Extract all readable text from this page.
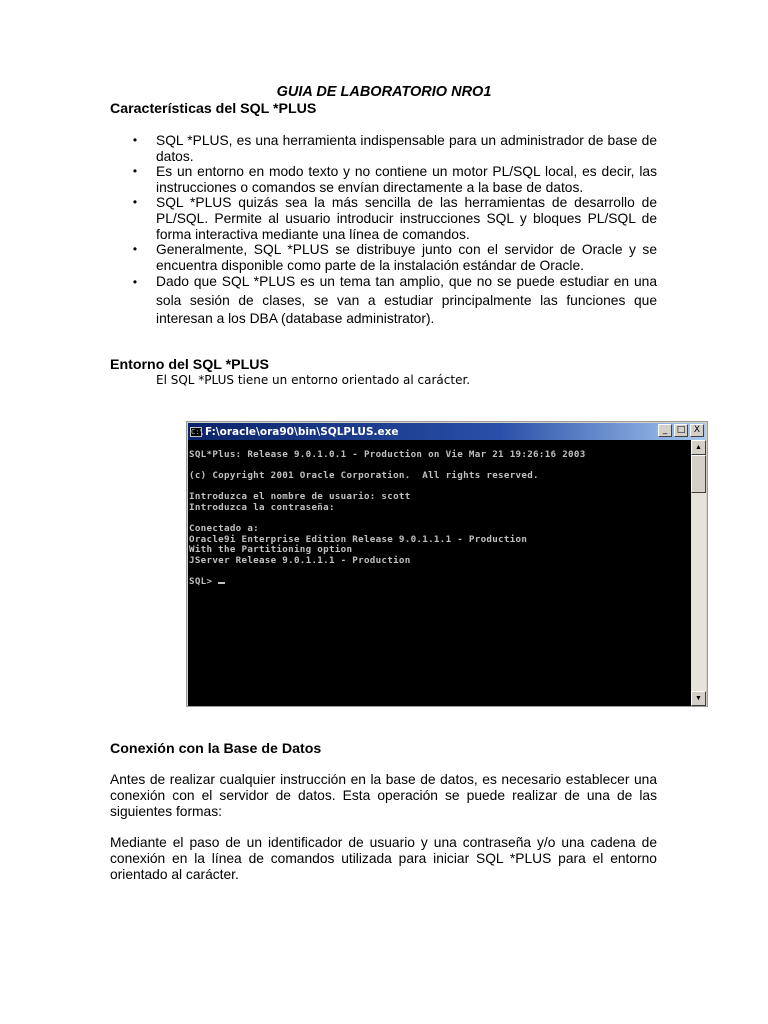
GUIA DE LABORATORIO NRO1
Características del SQL *PLUS
• SQL *PLUS, es una herramienta indispensable para un administrador de base de datos.
• Es un entorno en modo texto y no contiene un motor PL/SQL local, es decir, las instrucciones o comandos se envían directamente a la base de datos.
• SQL *PLUS quizás sea la más sencilla de las herramientas de desarrollo de PL/SQL. Permite al usuario introducir instrucciones SQL y bloques PL/SQL de forma interactiva mediante una línea de comandos.
• Generalmente, SQL *PLUS se distribuye junto con el servidor de Oracle y se encuentra disponible como parte de la instalación estándar de Oracle.
• Dado que SQL *PLUS es un tema tan amplio, que no se puede estudiar en una sola sesión de clases, se van a estudiar principalmente las funciones que interesan a los DBA (database administrator).
Entorno del SQL *PLUS
El SQL *PLUS tiene un entorno orientado al carácter.
C:\ F:\oracle\ora90\bin\SQLPLUS.exe	_	□ X
SQL*Plus: Release 9.0.1.0.1 - Production on Vie Mar 21 19:26:16 2003

(c) Copyright 2001 Oracle Corporation.  All rights reserved.

Introduzca el nombre de usuario: scott
Introduzca la contraseña:

Conectado a:
Oracle9i Enterprise Edition Release 9.0.1.1.1 - Production
With the Partitioning option
JServer Release 9.0.1.1.1 - Production

SQL>
▲
▼
Conexión con la Base de Datos
Antes de realizar cualquier instrucción en la base de datos, es necesario establecer una conexión con el servidor de datos. Esta operación se puede realizar de una de las siguientes formas:
Mediante el paso de un identificador de usuario y una contraseña y/o una cadena de conexión en la línea de comandos utilizada para iniciar SQL *PLUS para el entorno orientado al carácter.
